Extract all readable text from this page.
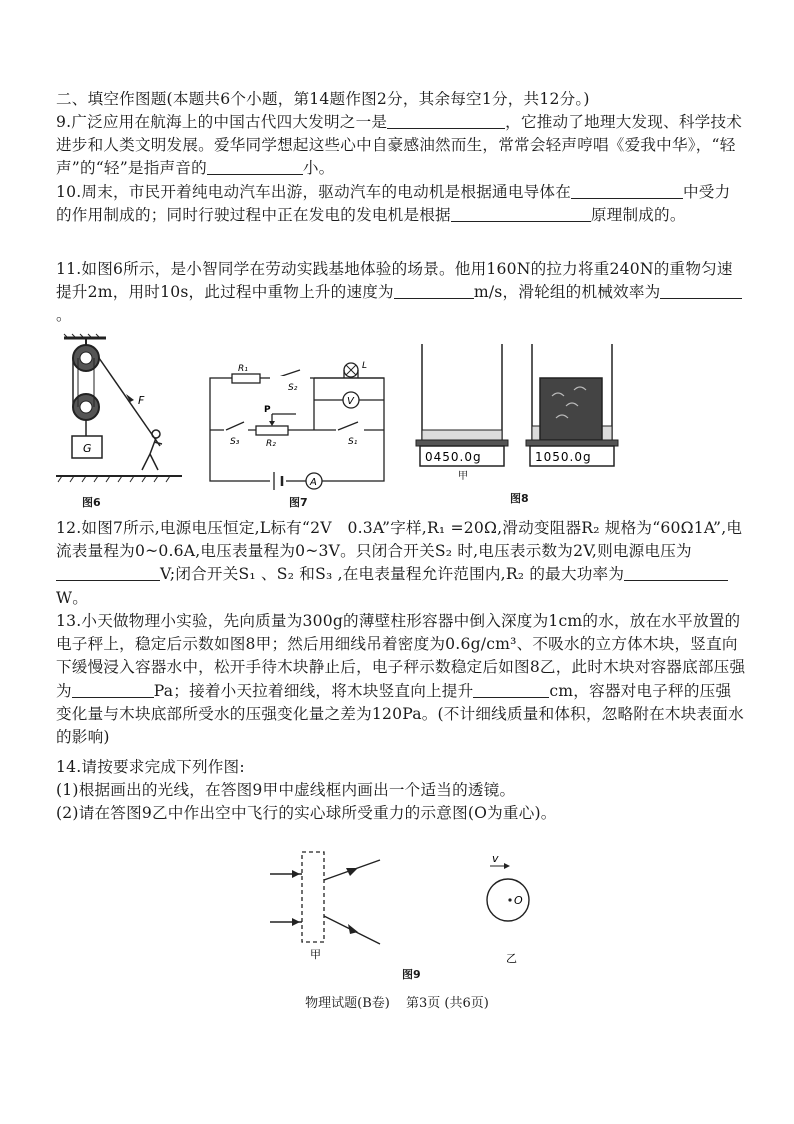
二、填空作图题(本题共6个小题，第14题作图2分，其余每空1分，共12分。)
9.广泛应用在航海上的中国古代四大发明之一是	，它推动了地理大发现、科学技术进步和人类文明发展。爱华同学想起这些心中自豪感油然而生，常常会轻声哼唱《爱我中华》，“轻声”的“轻”是指声音的	小。
10.周末，市民开着纯电动汽车出游，驱动汽车的电动机是根据通电导体在	中受力的作用制成的；同时行驶过程中正在发电的发电机是根据	原理制成的。
11.如图6所示，是小智同学在劳动实践基地体验的场景。他用160N的拉力将重240N的重物匀速提升2m，用时10s，此过程中重物上升的速度为	m/s，滑轮组的机械效率为。
G
F
图6
R₁
S₂
L
V
S₃
P
R₂	S₁
A
图7
0450.0g
甲
1050.0g
图8
12.如图7所示,电源电压恒定,L标有“2V　0.3A”字样,R₁ =20Ω,滑动变阻器R₂ 规格为“60Ω1A”,电流表量程为0~0.6A,电压表量程为0~3V。只闭合开关S₂ 时,电压表示数为2V,则电源电压为V;闭合开关S₁ 、S₂ 和S₃ ,在电表量程允许范围内,R₂ 的最大功率为W。
13.小天做物理小实验，先向质量为300g的薄壁柱形容器中倒入深度为1cm的水，放在水平放置的电子秤上，稳定后示数如图8甲；然后用细线吊着密度为0.6g/cm³、不吸水的立方体木块，竖直向下缓慢浸入容器水中，松开手待木块静止后，电子秤示数稳定后如图8乙，此时木块对容器底部压强为	Pa；接着小天拉着细线，将木块竖直向上提升	cm，容器对电子秤的压强变化量与木块底部所受水的压强变化量之差为120Pa。(不计细线质量和体积，忽略附在木块表面水的影响)
14.请按要求完成下列作图:
(1)根据画出的光线，在答图9甲中虚线框内画出一个适当的透镜。
(2)请在答图9乙中作出空中飞行的实心球所受重力的示意图(O为重心)。
甲
v
O
乙
图9
物理试题(B卷) 第3页 (共6页)
